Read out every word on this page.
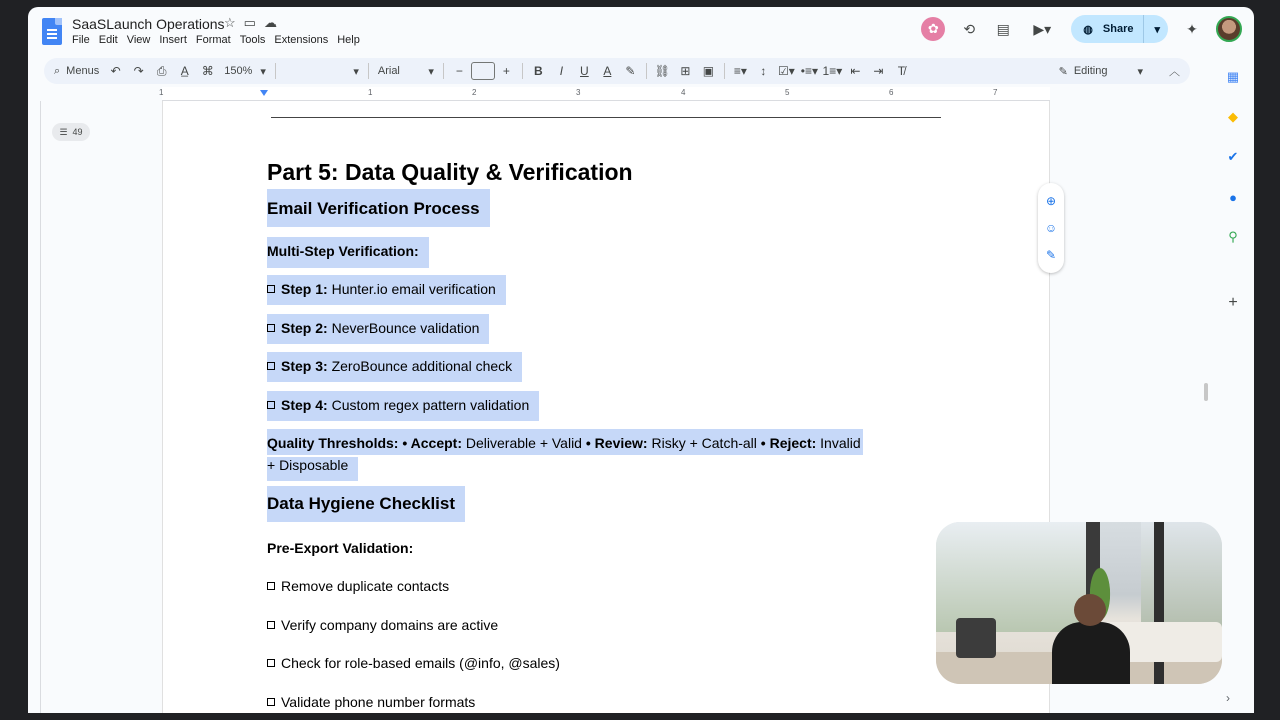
SaaSLaunch Operations ☆ ▭ ☁
File Edit View Insert Format Tools Extensions Help
✿	⟲ ▤	▶▾	◍ Share ▾ ✦
⌕ Menus ↶	↷	⎙	A̲	⌘ 150% ▾	▾ Arial	▾	−	+	B	I	U	A	✎	⛓ ⊞	▣	≡▾	↕ ☑▾ •≡▾ 1≡▾ ⇤	⇥	T̸	✎ Editing	▾ ︿
1	1	2	3	4	5	6	7
☰ 49
Part 5: Data Quality & Verification
Email Verification Process
Multi-Step Verification:
Step 1: Hunter.io email verification
Step 2: NeverBounce validation
Step 3: ZeroBounce additional check
Step 4: Custom regex pattern validation
Quality Thresholds: • Accept: Deliverable + Valid • Review: Risky + Catch-all • Reject: Invalid
+ Disposable
Data Hygiene Checklist
Pre-Export Validation:
Remove duplicate contacts
Verify company domains are active
Check for role-based emails (@info, @sales)
Validate phone number formats
⊕
☺
✎
▦
◆
✔
●
⚲
+
›
